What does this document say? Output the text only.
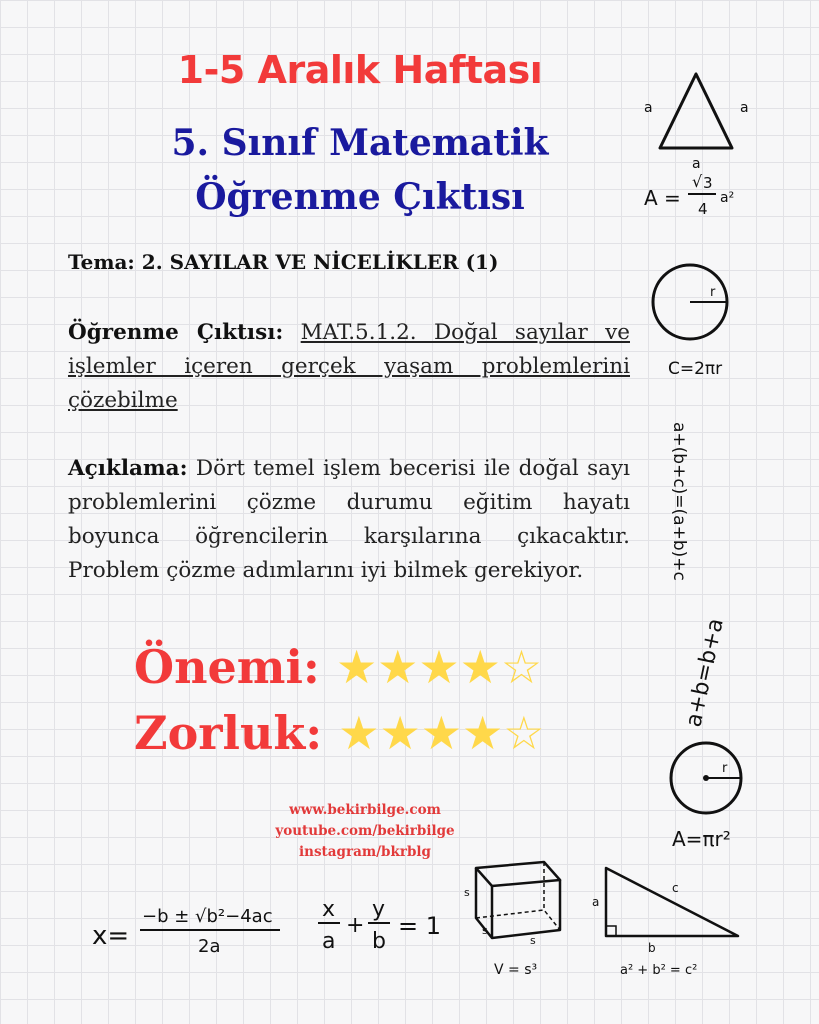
1-5 Aralık Haftası
5. Sınıf Matematik
Öğrenme Çıktısı
Tema: 2. SAYILAR VE NİCELİKLER (1)
Öğrenme Çıktısı: MAT.5.1.2. Doğal sayılar ve işlemler içeren gerçek yaşam problemlerini çözebilme
Açıklama: Dört temel işlem becerisi ile doğal sayı problemlerini çözme durumu eğitim hayatı boyunca öğrencilerin karşılarına çıkacaktır. Problem çözme adımlarını iyi bilmek gerekiyor.
Önemi: ★★★★☆
Zorluk: ★★★★☆
www.bekirbilge.com
youtube.com/bekirbilge
instagram/bkrblg
a	a
a
A =
√ 3
4
a²
r
C=2πr
a+(b+c)=(a+b)+c
a+b=b+a
r
A=πr²
x=
−b ± √b²−4ac
2a
x
a
+
y
b
= 1
s
s
s
V = s³
a
b
c
a² + b² = c²
